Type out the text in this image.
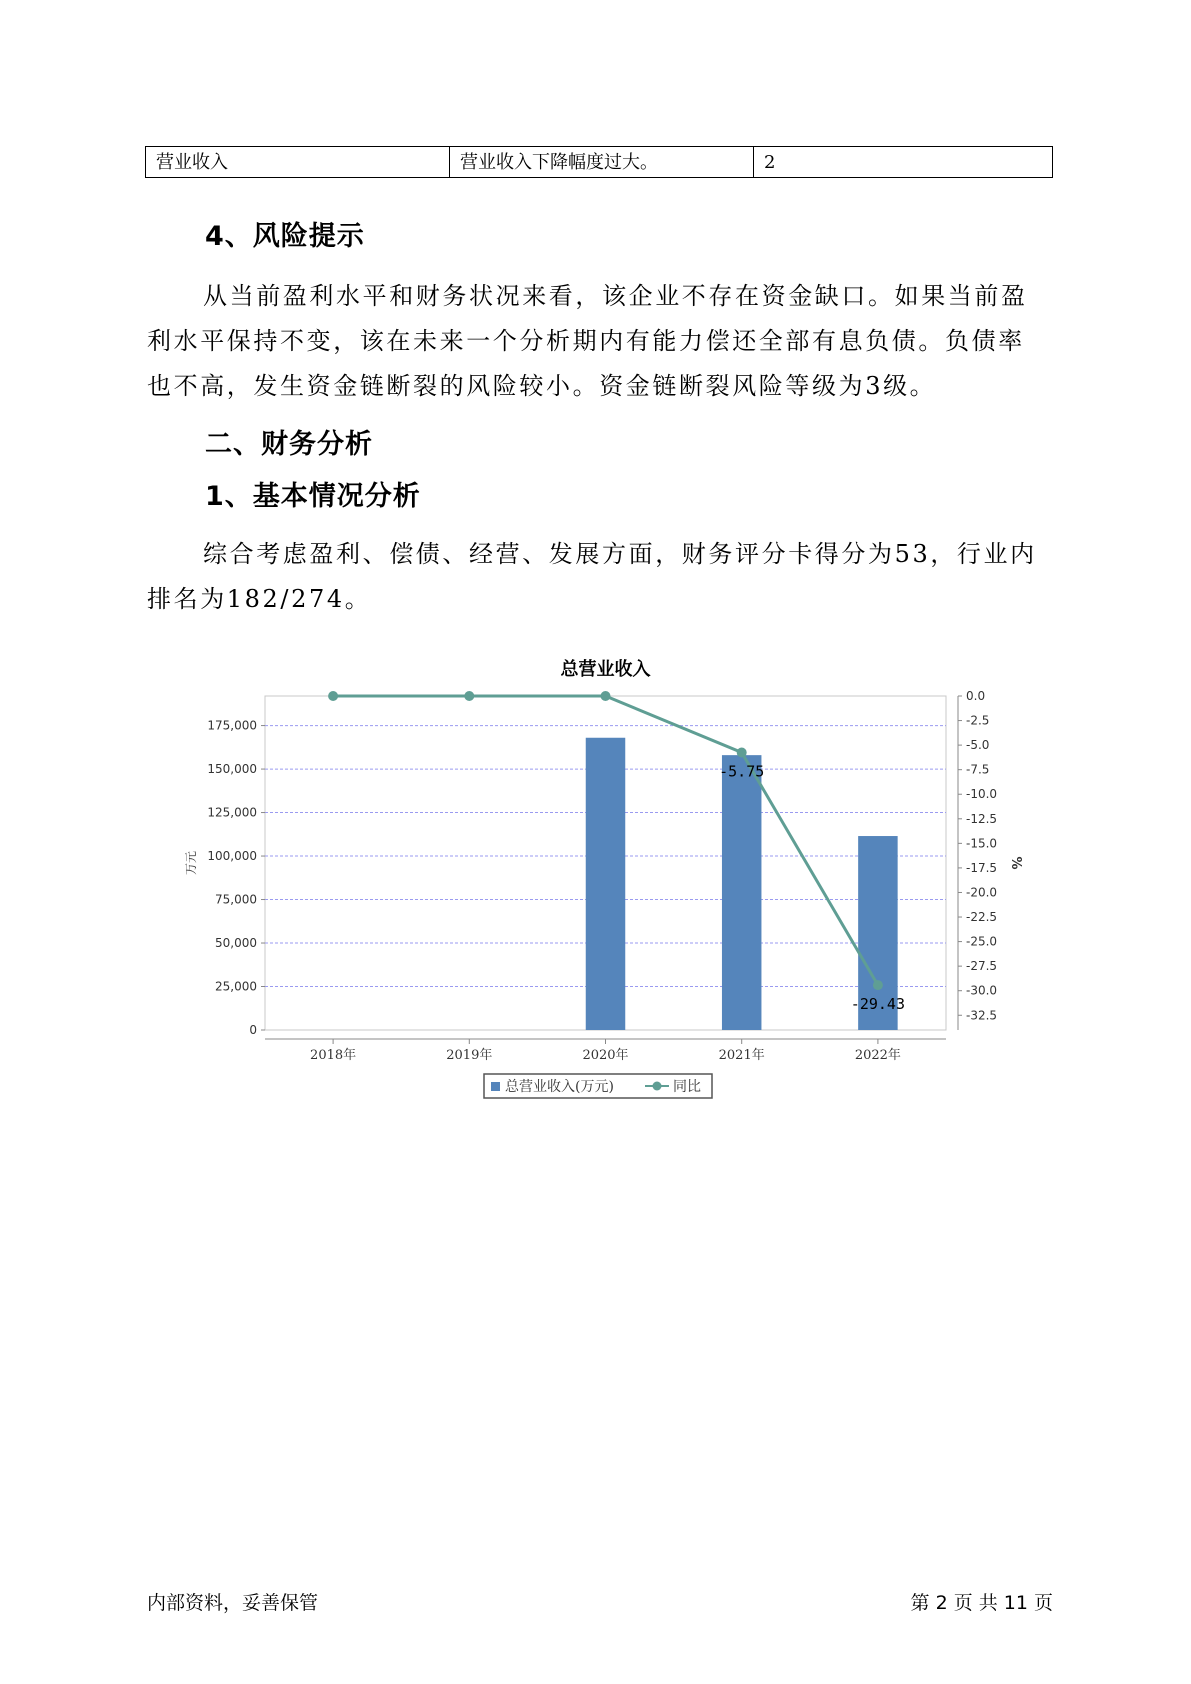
营业收入	营业收入下降幅度过大。	2
4、风险提示

从当前盈利水平和财务状况来看，该企业不存在资金缺口。如果当前盈利水平保持不变，该在未来一个分析期内有能力偿还全部有息负债。负债率也不高，发生资金链断裂的风险较小。资金链断裂风险等级为3级。

二、财务分析
1、基本情况分析

综合考虑盈利、偿债、经营、发展方面，财务评分卡得分为53，行业内排名为182/274。

总营业收入
0
25,000
50,000
75,000
100,000
125,000
150,000
175,000
0.0
-2.5
-5.0
-7.5
-10.0
-12.5
-15.0
-17.5
-20.0
-22.5
-25.0
-27.5
-30.0
-32.5
万元	%
2018年	2019年	2020年	2021年	2022年
-5.75
-29.43
总营业收入(万元)	同比
内部资料，妥善保管	第 2 页 共 11 页
